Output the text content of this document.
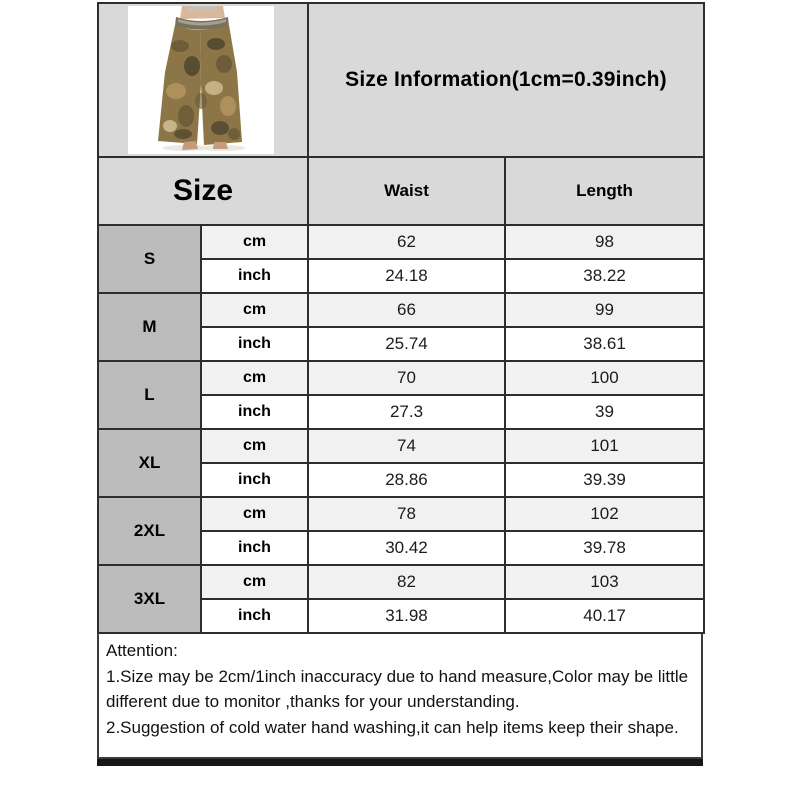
	Size Information(1cm=0.39inch)	
Size		Waist	Length
S	cm	62	98
	inch	24.18	38.22
M	cm	66	99
	inch	25.74	38.61
L	cm	70	100
	inch	27.3	39
XL	cm	74	101
	inch	28.86	39.39
2XL	cm	78	102
	inch	30.42	39.78
3XL	cm	82	103
	inch	31.98	40.17

Attention:

1.Size may be 2cm/1inch inaccuracy due to hand measure,Color may be little different due to monitor ,thanks for your understanding.

2.Suggestion of cold water hand washing,it can help items keep their shape.
